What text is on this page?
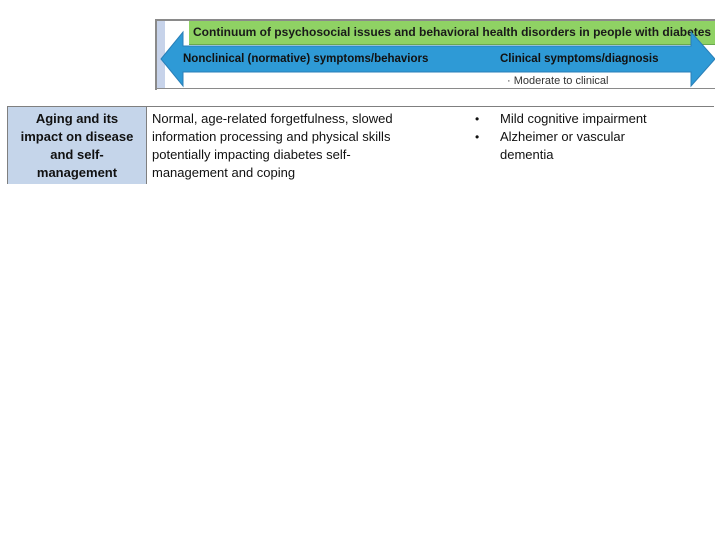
Continuum of psychosocial issues and behavioral health disorders in people with diabetes
· Moderate to clinical
Nonclinical (normative) symptoms/behaviors	Clinical symptoms/diagnosis
Aging and its
impact on disease
and self-
management
Normal, age-related forgetfulness, slowed
information processing and physical skills
potentially impacting diabetes self-
management and coping
• Mild cognitive impairment
• Alzheimer or vascular
dementia
